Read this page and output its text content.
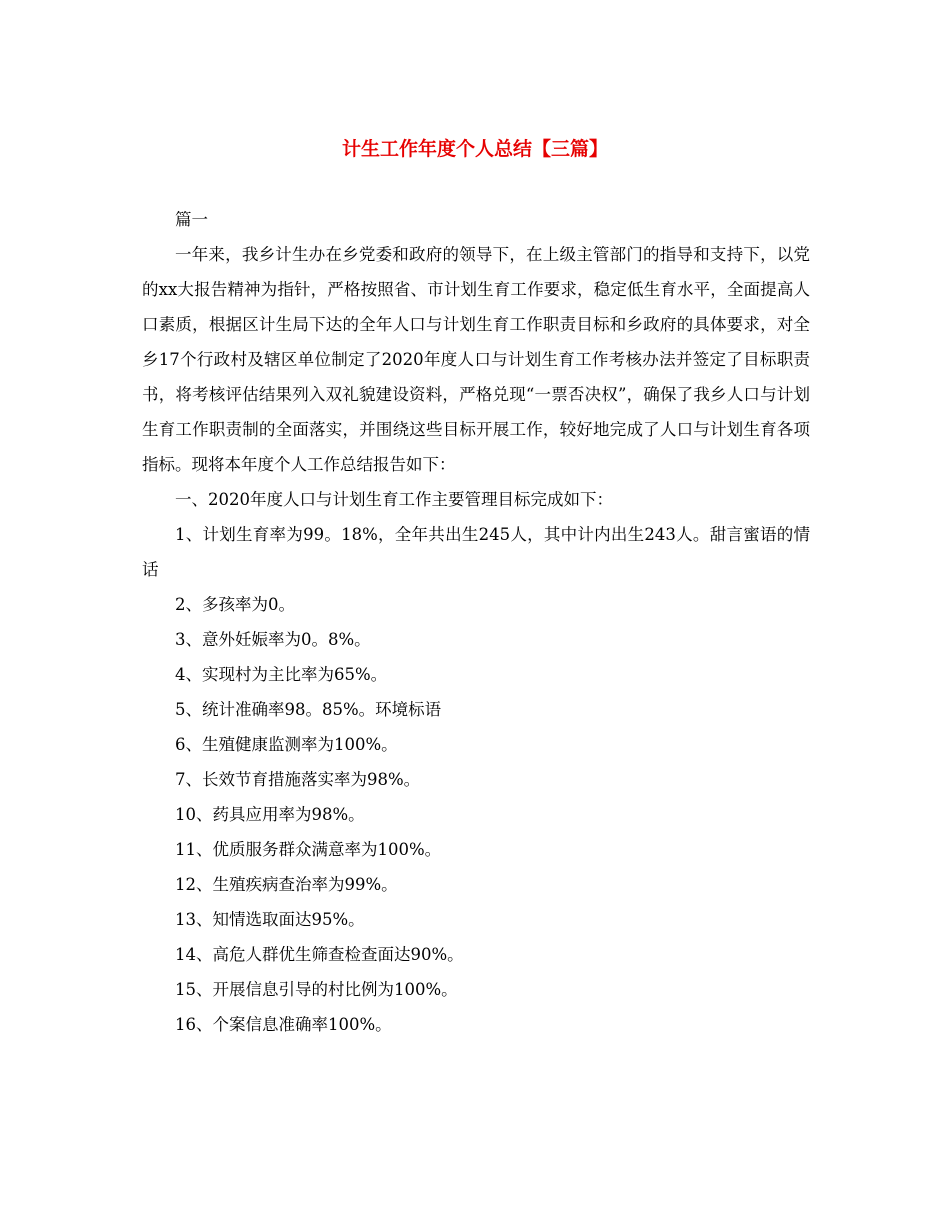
计生工作年度个人总结【三篇】

篇一

一年来，我乡计生办在乡党委和政府的领导下，在上级主管部门的指导和支持下，以党的xx大报告精神为指针，严格按照省、市计划生育工作要求，稳定低生育水平，全面提高人口素质，根据区计生局下达的全年人口与计划生育工作职责目标和乡政府的具体要求，对全乡17个行政村及辖区单位制定了2020年度人口与计划生育工作考核办法并签定了目标职责书，将考核评估结果列入双礼貌建设资料，严格兑现“一票否决权”，确保了我乡人口与计划生育工作职责制的全面落实，并围绕这些目标开展工作，较好地完成了人口与计划生育各项指标。现将本年度个人工作总结报告如下：

一、2020年度人口与计划生育工作主要管理目标完成如下：

1、计划生育率为99。18%，全年共出生245人，其中计内出生243人。甜言蜜语的情话

2、多孩率为0。

3、意外妊娠率为0。8%。

4、实现村为主比率为65%。

5、统计准确率98。85%。环境标语

6、生殖健康监测率为100%。

7、长效节育措施落实率为98%。

10、药具应用率为98%。

11、优质服务群众满意率为100%。

12、生殖疾病查治率为99%。

13、知情选取面达95%。

14、高危人群优生筛查检查面达90%。

15、开展信息引导的村比例为100%。

16、个案信息准确率100%。
